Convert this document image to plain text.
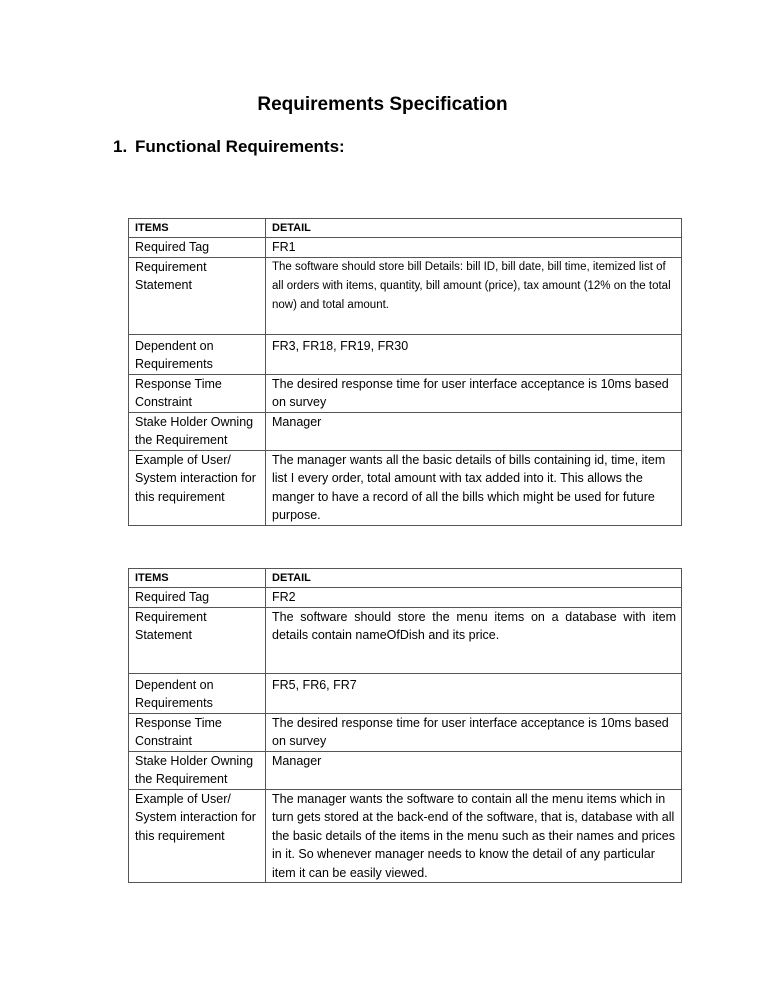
Requirements Specification
1. Functional Requirements:
ITEMS	DETAIL
Required Tag	FR1
Requirement Statement	The software should store bill Details: bill ID, bill date, bill time, itemized list of all orders with items, quantity, bill amount (price), tax amount (12% on the total now) and total amount.
Dependent on Requirements	FR3, FR18, FR19, FR30
Response Time Constraint	The desired response time for user interface acceptance is 10ms based on survey
Stake Holder Owning the Requirement	Manager
Example of User/ System interaction for this requirement	The manager wants all the basic details of bills containing id, time, item list I every order, total amount with tax added into it. This allows the manger to have a record of all the bills which might be used for future purpose.
ITEMS	DETAIL
Required Tag	FR2
Requirement Statement	The software should store the menu items on a database with item details contain nameOfDish and its price.
Dependent on Requirements	FR5, FR6, FR7
Response Time Constraint	The desired response time for user interface acceptance is 10ms based on survey
Stake Holder Owning the Requirement	Manager
Example of User/ System interaction for this requirement	The manager wants the software to contain all the menu items which in turn gets stored at the back-end of the software, that is, database with all the basic details of the items in the menu such as their names and prices in it. So whenever manager needs to know the detail of any particular item it can be easily viewed.
